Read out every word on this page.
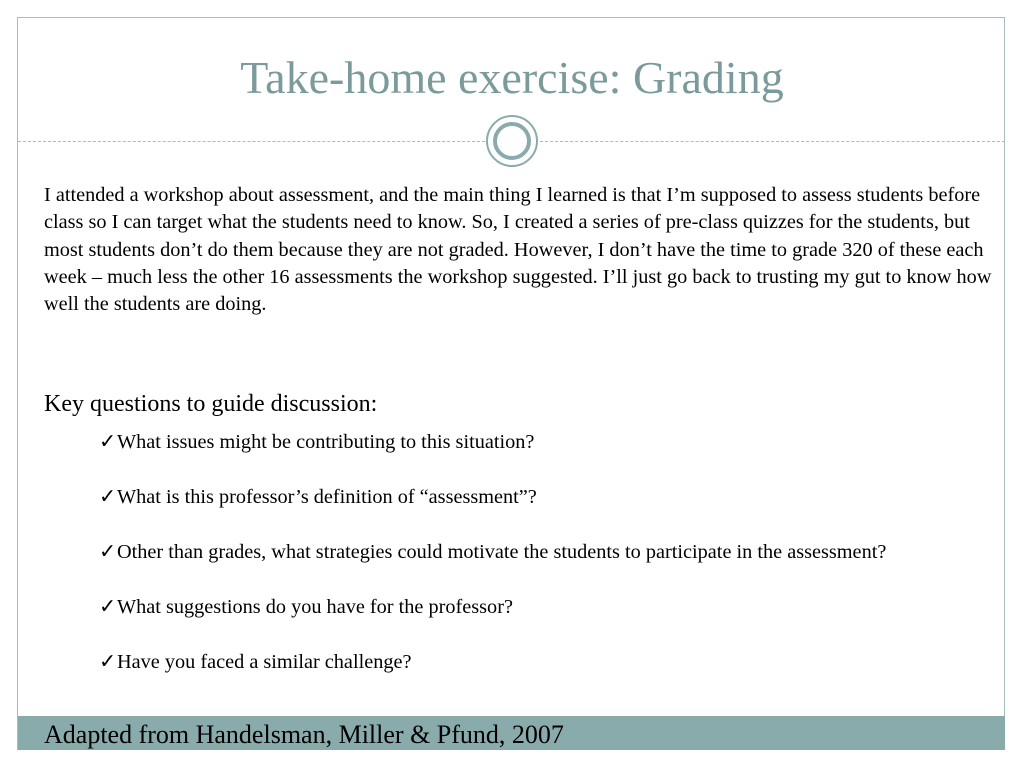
Take-home exercise: Grading
I attended a workshop about assessment, and the main thing I learned is that I’m supposed to assess students before class so I can target what the students need to know. So, I created a series of pre-class quizzes for the students, but most students don’t do them because they are not graded. However, I don’t have the time to grade 320 of these each week – much less the other 16 assessments the workshop suggested. I’ll just go back to trusting my gut to know how well the students are doing.
Key questions to guide discussion:
✓What issues might be contributing to this situation?
✓What is this professor’s definition of “assessment”?
✓Other than grades, what strategies could motivate the students to participate in the assessment?
✓What suggestions do you have for the professor?
✓Have you faced a similar challenge?
Adapted from Handelsman, Miller & Pfund, 2007
